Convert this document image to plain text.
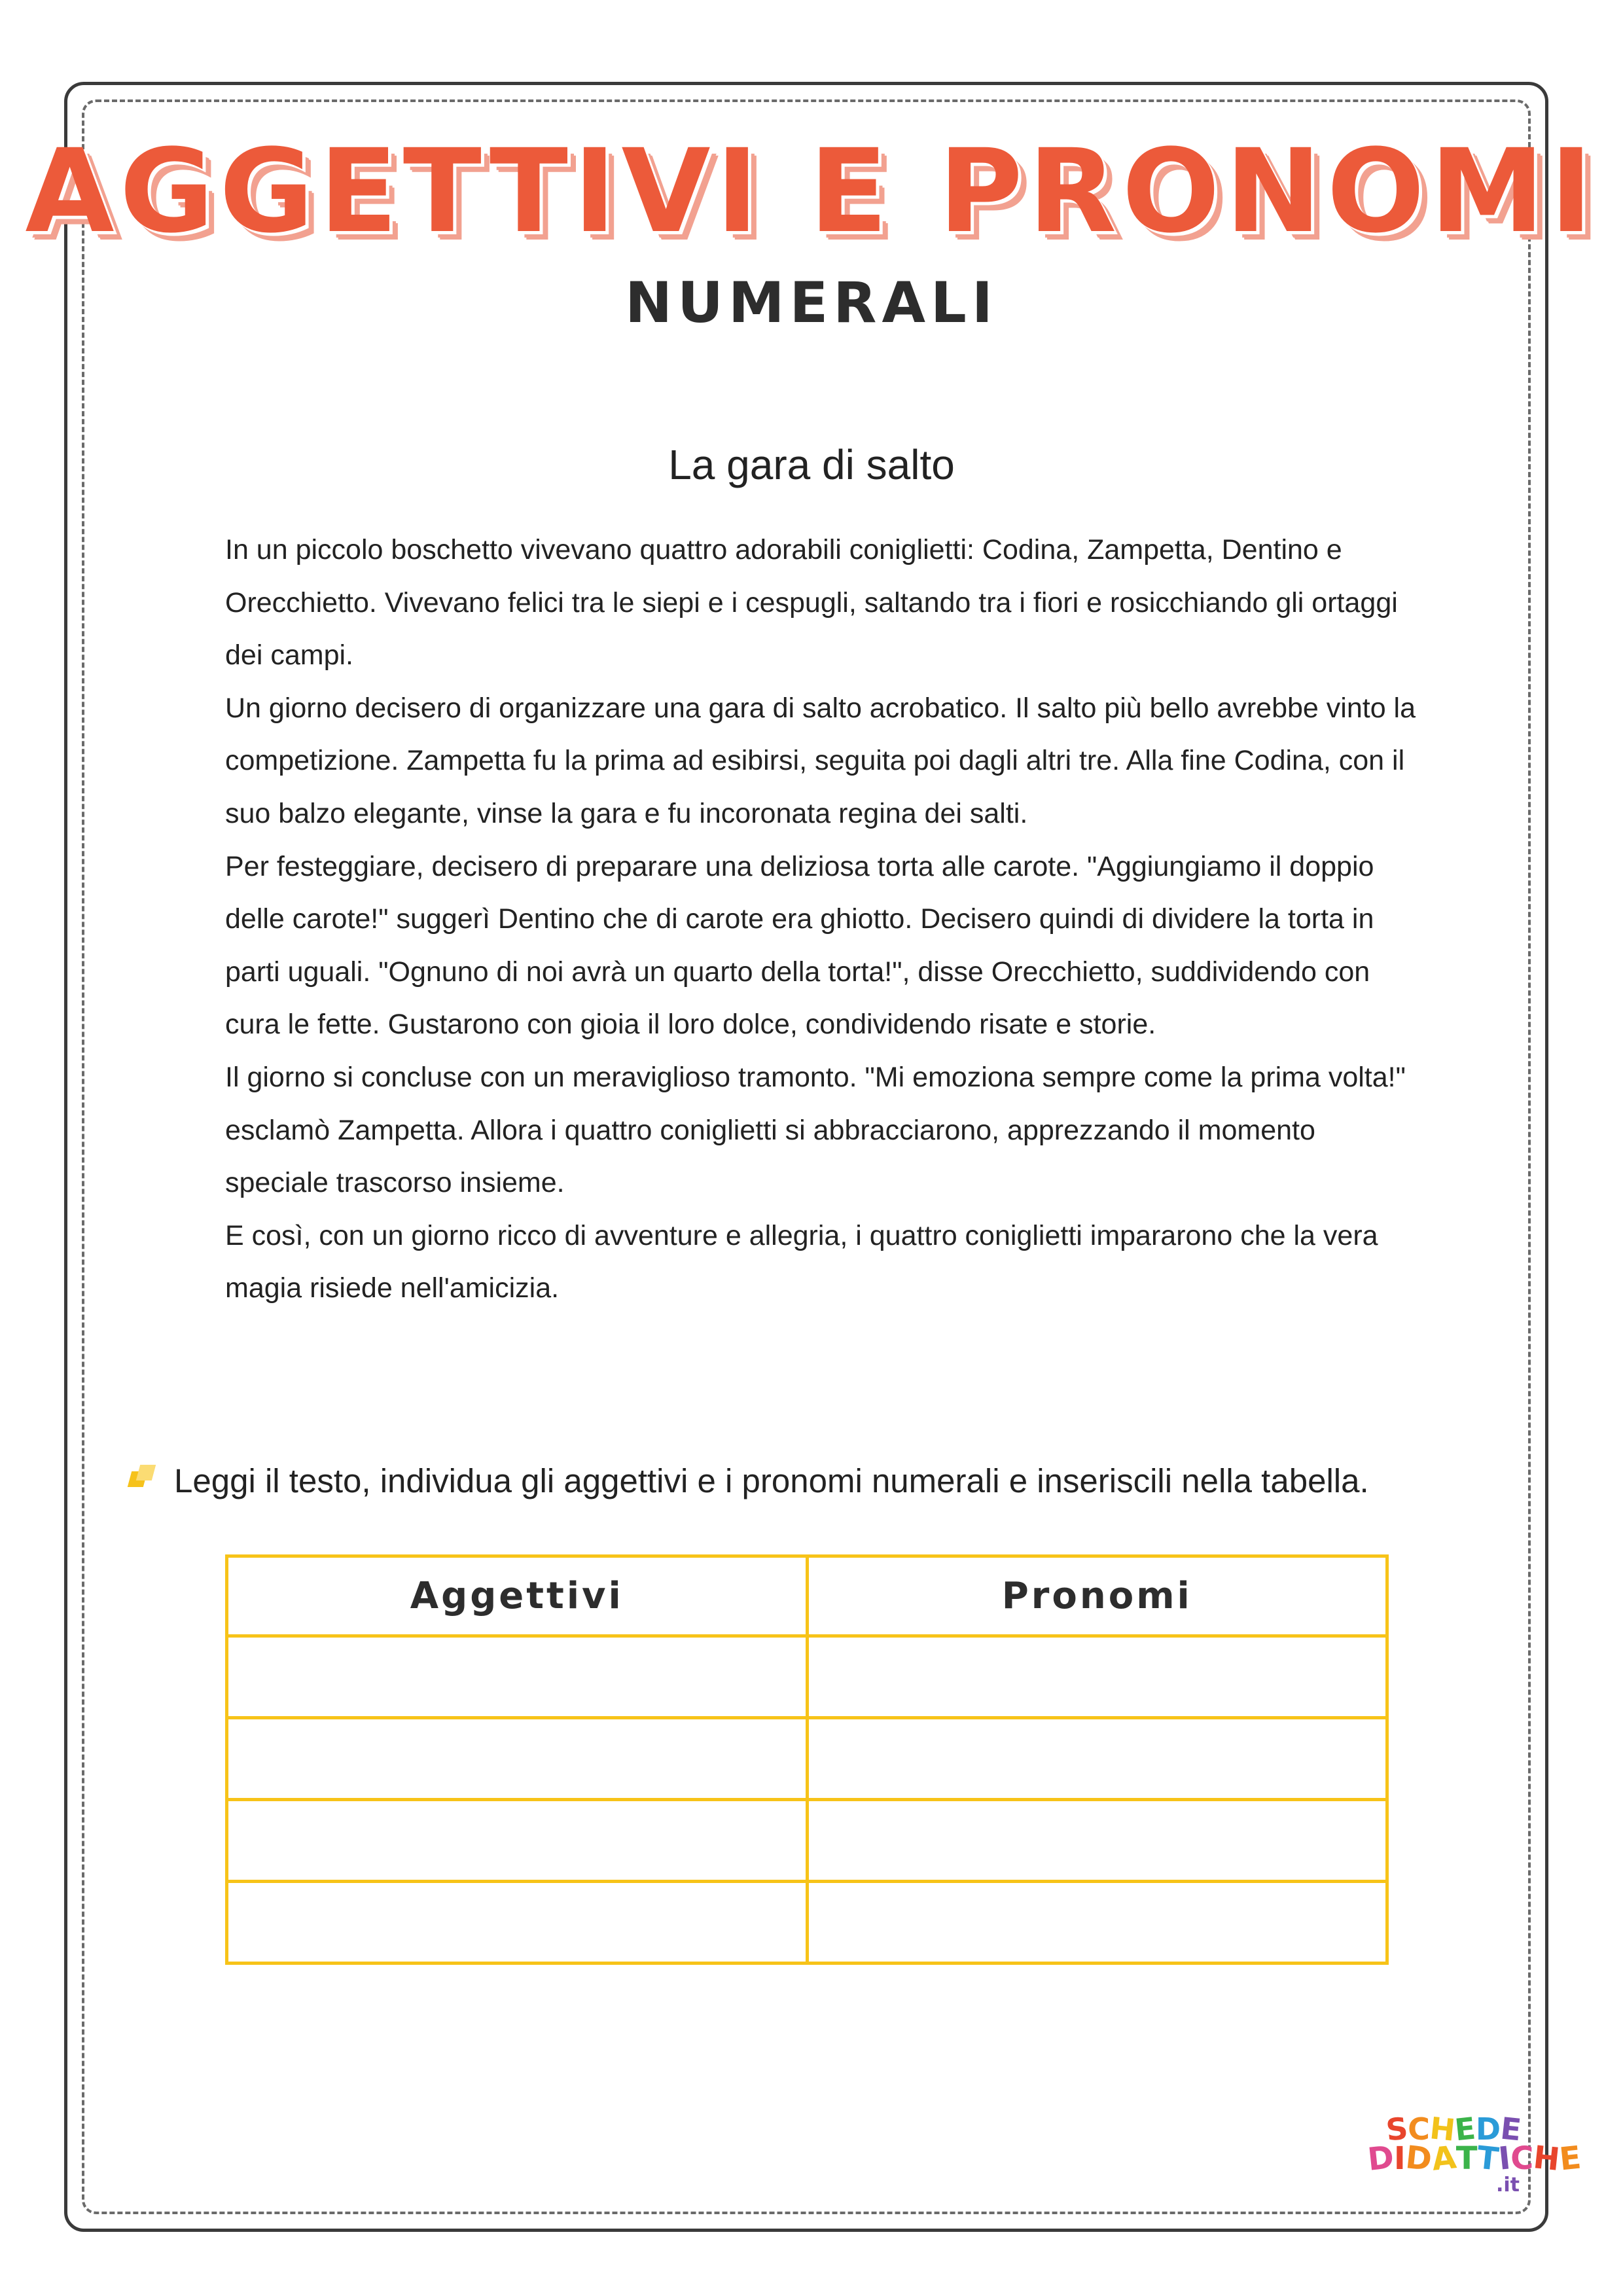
AGGETTIVI E PRONOMI
NUMERALI
La gara di salto

In un piccolo boschetto vivevano quattro adorabili coniglietti: Codina, Zampetta, Dentino e Orecchietto. Vivevano felici tra le siepi e i cespugli, saltando tra i fiori e rosicchiando gli ortaggi dei campi.

Un giorno decisero di organizzare una gara di salto acrobatico. Il salto più bello avrebbe vinto la competizione. Zampetta fu la prima ad esibirsi, seguita poi dagli altri tre. Alla fine Codina, con il suo balzo elegante, vinse la gara e fu incoronata regina dei salti.

Per festeggiare, decisero di preparare una deliziosa torta alle carote. "Aggiungiamo il doppio delle carote!" suggerì Dentino che di carote era ghiotto. Decisero quindi di dividere la torta in parti uguali. "Ognuno di noi avrà un quarto della torta!", disse Orecchietto, suddividendo con cura le fette. Gustarono con gioia il loro dolce, condividendo risate e storie.

Il giorno si concluse con un meraviglioso tramonto. "Mi emoziona sempre come la prima volta!" esclamò Zampetta. Allora i quattro coniglietti si abbracciarono, apprezzando il momento speciale trascorso insieme.

E così, con un giorno ricco di avventure e allegria, i quattro coniglietti impararono che la vera magia risiede nell'amicizia.

Leggi il testo, individua gli aggettivi e i pronomi numerali e inseriscili nella tabella.
Aggettivi	Pronomi

SCHEDE
DIDATTICHE
.it
